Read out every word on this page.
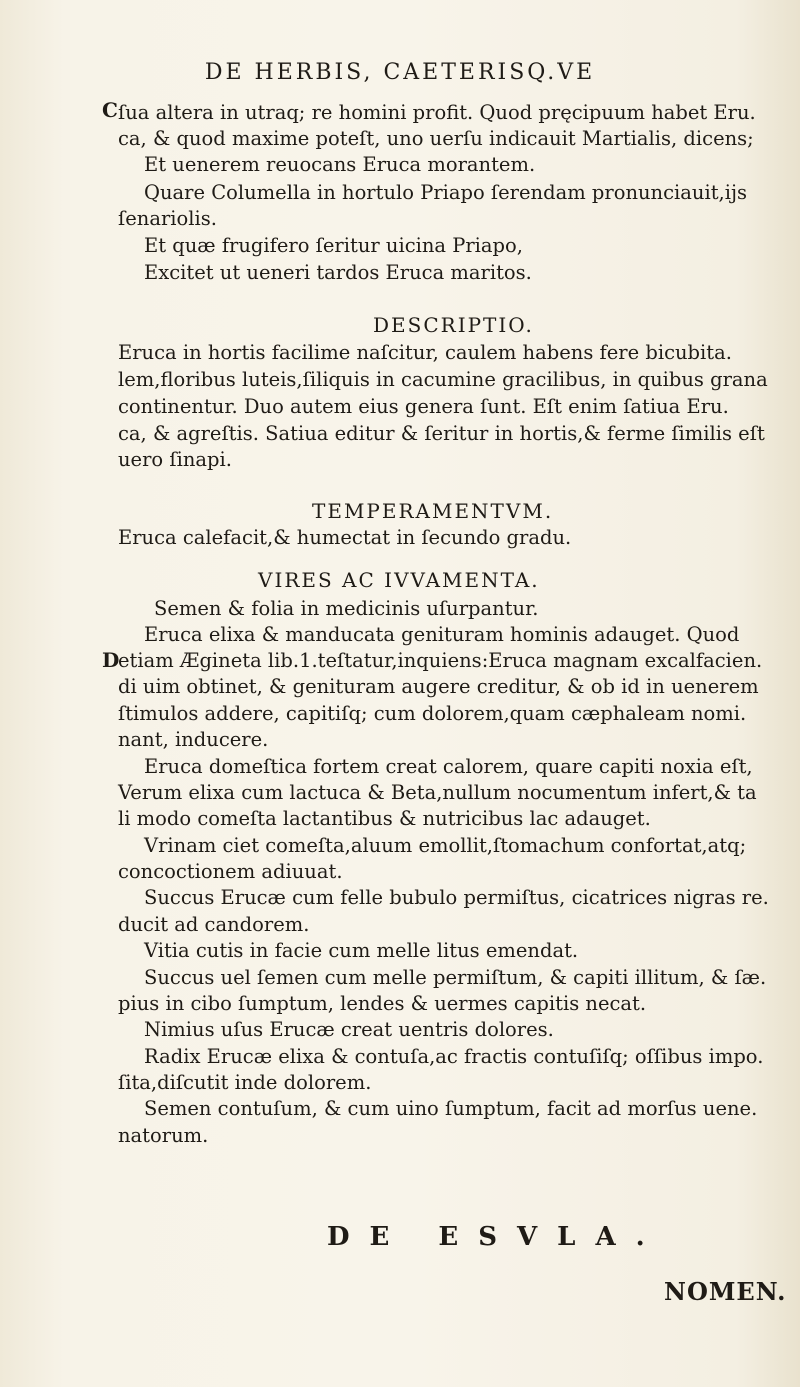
DE HERBIS, CAETERISQ.VE
C
D
ſua altera in utraq; re homini profit. Quod pręcipuum habet Eru.
ca, & quod maxime poteſt, uno uerſu indicauit Martialis, dicens;
Et uenerem reuocans Eruca morantem.
Quare Columella in hortulo Priapo ſerendam pronunciauit,ijs
ſenariolis.
Et quæ frugifero ſeritur uicina Priapo,
Excitet ut ueneri tardos Eruca maritos.
DESCRIPTIO.
Eruca in hortis facilime naſcitur, caulem habens fere bicubita.
lem,floribus luteis,ſiliquis in cacumine gracilibus, in quibus grana
continentur. Duo autem eius genera ſunt. Eſt enim ſatiua Eru.
ca, & agreſtis. Satiua editur & ſeritur in hortis,& ferme ſimilis eſt
uero ſinapi.
TEMPERAMENTVM.
Eruca calefacit,& humectat in ſecundo gradu.
VIRES AC IVVAMENTA.
Semen & folia in medicinis uſurpantur.
Eruca elixa & manducata genituram hominis adauget. Quod
etiam Ægineta lib.1.teſtatur,inquiens:Eruca magnam excalfacien.
di uim obtinet, & genituram augere creditur, & ob id in uenerem
ſtimulos addere, capitiſq; cum dolorem,quam cæphaleam nomi.
nant, inducere.
Eruca domeſtica fortem creat calorem, quare capiti noxia eſt,
Verum elixa cum lactuca & Beta,nullum nocumentum infert,& ta
li modo comeſta lactantibus & nutricibus lac adauget.
Vrinam ciet comeſta,aluum emollit,ſtomachum confortat,atq;
concoctionem adiuuat.
Succus Erucæ cum felle bubulo permiſtus, cicatrices nigras re.
ducit ad candorem.
Vitia cutis in facie cum melle litus emendat.
Succus uel ſemen cum melle permiſtum, & capiti illitum, & ſæ.
pius in cibo ſumptum, lendes & uermes capitis necat.
Nimius uſus Erucæ creat uentris dolores.
Radix Erucæ elixa & contuſa,ac fractis contuſiſq; oſſibus impo.
ſita,diſcutit inde dolorem.
Semen contuſum, & cum uino ſumptum, facit ad morſus uene.
natorum.
DE ESVLA.
NOMEN.
